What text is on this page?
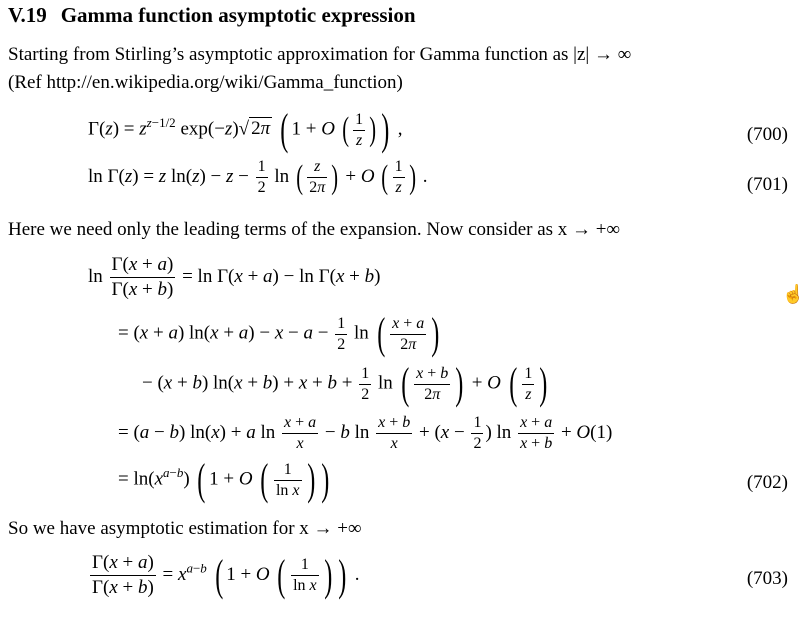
V.19 Gamma function asymptotic expression
Starting from Stirling’s asymptotic approximation for Gamma function as |z| → ∞
(Ref http://en.wikipedia.org/wiki/Gamma_function)
$\Gamma(z) = z^{z-1/2}$ exp(−z)√ 2π ( 1 + O ( $\frac{1}{z}$ ) ) ,	(700)
ln Γ(z) = z $\ln(z) - z - \frac{1}{2}$ ln ( $\frac{z}{2\pi}$ ) + O ( $\frac{1}{z}$ ) .	(701)
Here we need only the leading terms of the expansion. Now consider as x → +∞
$\ln \frac{\Gamma(x + a)}{\Gamma(x + b)} = \ln \Gamma(x + a) - \ln \Gamma(x + b)$
= (x + a) $\ln(x + a) - x - a - \frac{1}{2}$ ln ( $\frac{x + a}{2\pi}$ )
− (x + b) $\ln(x + b) + x + b + \frac{1}{2}$ ln ( $\frac{x + b}{2\pi}$ ) + O ( $\frac{1}{z}$ )
= (a − b) ln(x) + a $\ln \frac{x + a}{x} - b$ $\ln \frac{x + b}{x} + (x - \frac{1}{2}$ ) $\ln \frac{x + a}{x + b} + O(1)$
= $\ln(x^{a-b})$ ( 1 + O ( $\frac{1}{\text{ln x}}$ ) )	(702)
So we have asymptotic estimation for x → +∞
$\frac{\Gamma(x + a)}{\Gamma(x + b)} = x^{a-b}$ ( 1 + O ( $\frac{1}{\text{ln x}}$ ) ) .	(703)
☝
